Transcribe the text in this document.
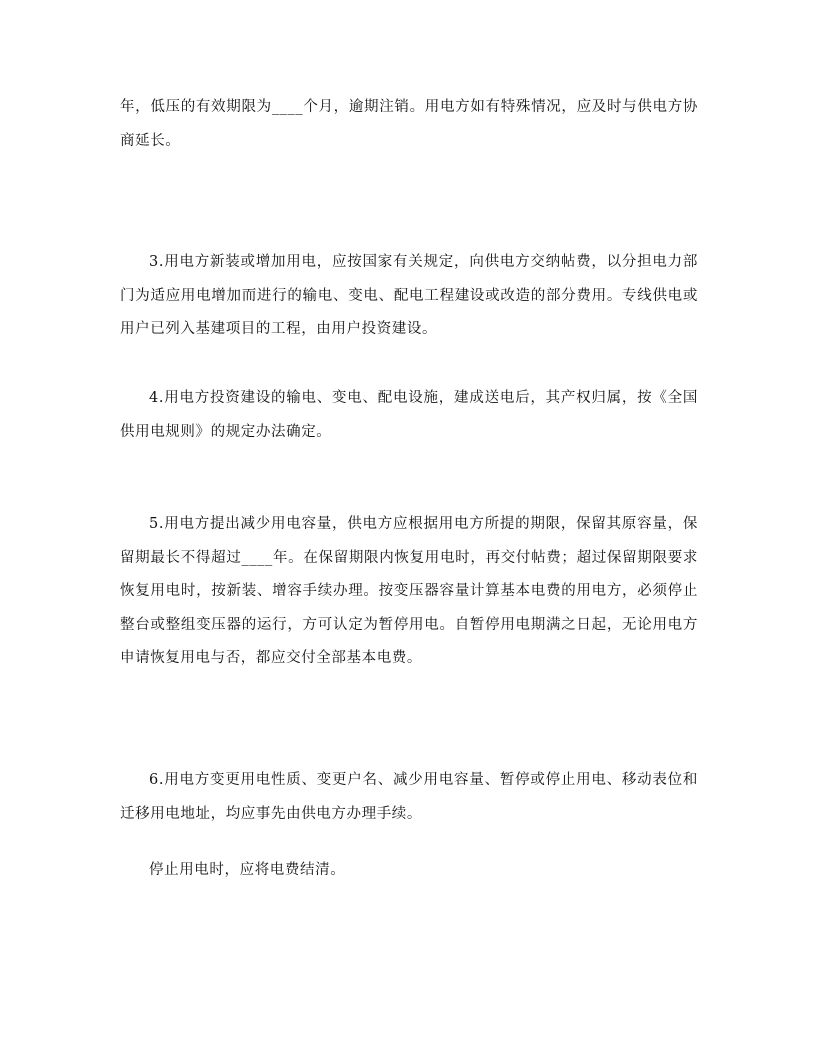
年，低压的有效期限为____个月，逾期注销。用电方如有特殊情况，应及时与供电方协商延长。

3.用电方新装或增加用电，应按国家有关规定，向供电方交纳帖费，以分担电力部门为适应用电增加而进行的输电、变电、配电工程建设或改造的部分费用。专线供电或用户已列入基建项目的工程，由用户投资建设。

4.用电方投资建设的输电、变电、配电设施，建成送电后，其产权归属，按《全国供用电规则》的规定办法确定。

5.用电方提出减少用电容量，供电方应根据用电方所提的期限，保留其原容量，保留期最长不得超过____年。在保留期限内恢复用电时，再交付帖费；超过保留期限要求恢复用电时，按新装、增容手续办理。按变压器容量计算基本电费的用电方，必须停止整台或整组变压器的运行，方可认定为暂停用电。自暂停用电期满之日起，无论用电方申请恢复用电与否，都应交付全部基本电费。

6.用电方变更用电性质、变更户名、减少用电容量、暂停或停止用电、移动表位和迁移用电地址，均应事先由供电方办理手续。

停止用电时，应将电费结清。
